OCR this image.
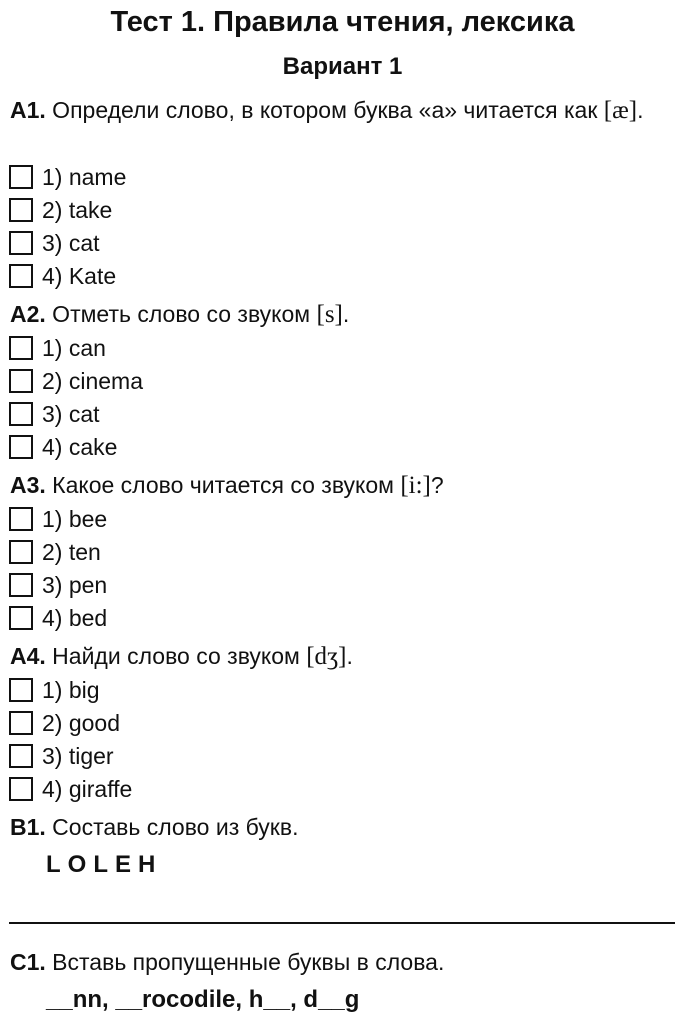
Тест 1. Правила чтения, лексика
Вариант 1
А1. Определи слово, в котором буква «а» читается как [æ].
1) name
2) take
3) cat
4) Kate
А2. Отметь слово со звуком [s].
1) can
2) cinema
3) cat
4) cake
А3. Какое слово читается со звуком [i:]?
1) bee
2) ten
3) pen
4) bed
А4. Найди слово со звуком [dʒ].
1) big
2) good
3) tiger
4) giraffe
В1. Составь слово из букв.
LOLEH
С1. Вставь пропущенные буквы в слова.
__nn, __rocodile, h__, d__g
